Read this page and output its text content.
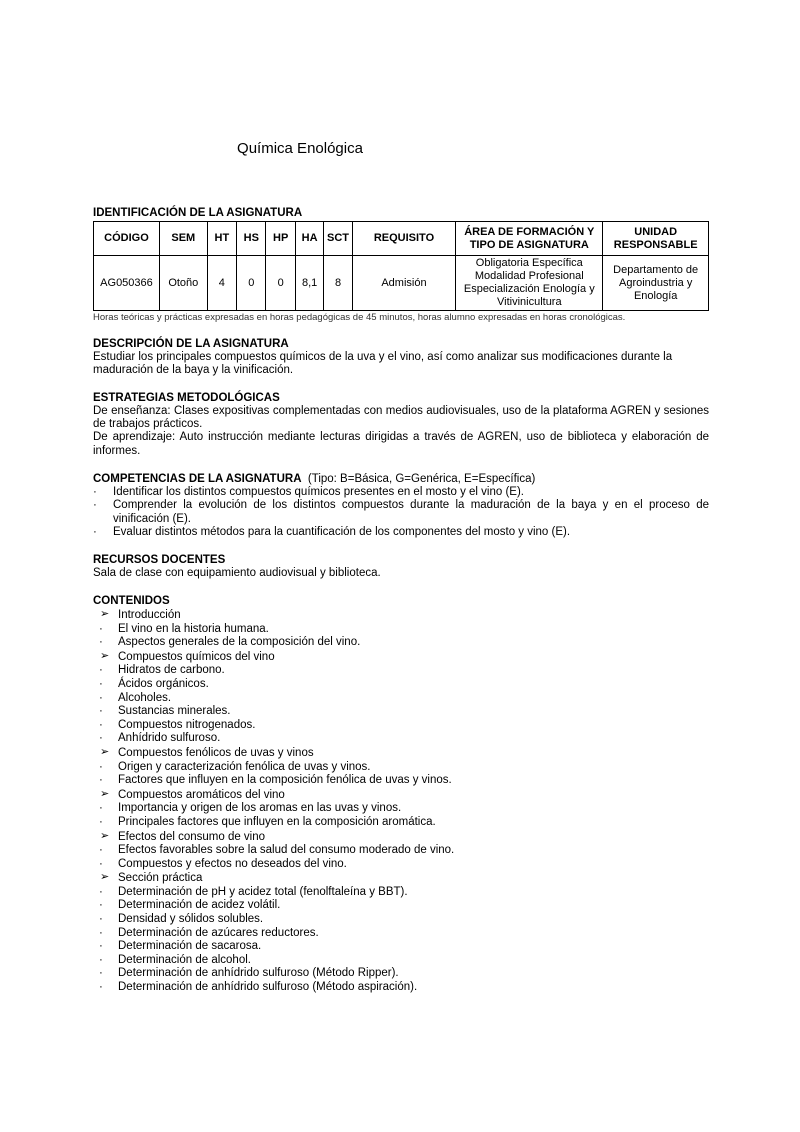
Química Enológica
IDENTIFICACIÓN DE LA ASIGNATURA
CÓDIGO	SEM	HT	HS	HP	HA	SCT	REQUISITO	ÁREA DE FORMACIÓN Y TIPO DE ASIGNATURA	UNIDAD RESPONSABLE
AG050366	Otoño	4	0	0	8,1	8	Admisión	Obligatoria Específica Modalidad Profesional Especialización Enología y Vitivinicultura	Departamento de Agroindustria y Enología
Horas teóricas y prácticas expresadas en horas pedagógicas de 45 minutos, horas alumno expresadas en horas cronológicas.
DESCRIPCIÓN DE LA ASIGNATURA
Estudiar los principales compuestos químicos de la uva y el vino, así como analizar sus modificaciones durante la maduración de la baya y la vinificación.
ESTRATEGIAS METODOLÓGICAS
De enseñanza: Clases expositivas complementadas con medios audiovisuales, uso de la plataforma AGREN y sesiones de trabajos prácticos.
De aprendizaje: Auto instrucción mediante lecturas dirigidas a través de AGREN, uso de biblioteca y elaboración de informes.
COMPETENCIAS DE LA ASIGNATURA (Tipo: B=Básica, G=Genérica, E=Específica)
· Identificar los distintos compuestos químicos presentes en el mosto y el vino (E).
· Comprender la evolución de los distintos compuestos durante la maduración de la baya y en el proceso de vinificación (E).
· Evaluar distintos métodos para la cuantificación de los componentes del mosto y vino (E).
RECURSOS DOCENTES
Sala de clase con equipamiento audiovisual y biblioteca.
CONTENIDOS
➢ Introducción
·	El vino en la historia humana.
·	Aspectos generales de la composición del vino.
➢ Compuestos químicos del vino
·	Hidratos de carbono.
·	Ácidos orgánicos.
·	Alcoholes.
·	Sustancias minerales.
·	Compuestos nitrogenados.
·	Anhídrido sulfuroso.
➢ Compuestos fenólicos de uvas y vinos
·	Origen y caracterización fenólica de uvas y vinos.
·	Factores que influyen en la composición fenólica de uvas y vinos.
➢ Compuestos aromáticos del vino
·	Importancia y origen de los aromas en las uvas y vinos.
·	Principales factores que influyen en la composición aromática.
➢ Efectos del consumo de vino
·	Efectos favorables sobre la salud del consumo moderado de vino.
·	Compuestos y efectos no deseados del vino.
➢ Sección práctica
·	Determinación de pH y acidez total (fenolftaleína y BBT).
·	Determinación de acidez volátil.
·	Densidad y sólidos solubles.
·	Determinación de azúcares reductores.
·	Determinación de sacarosa.
·	Determinación de alcohol.
·	Determinación de anhídrido sulfuroso (Método Ripper).
·	Determinación de anhídrido sulfuroso (Método aspiración).
